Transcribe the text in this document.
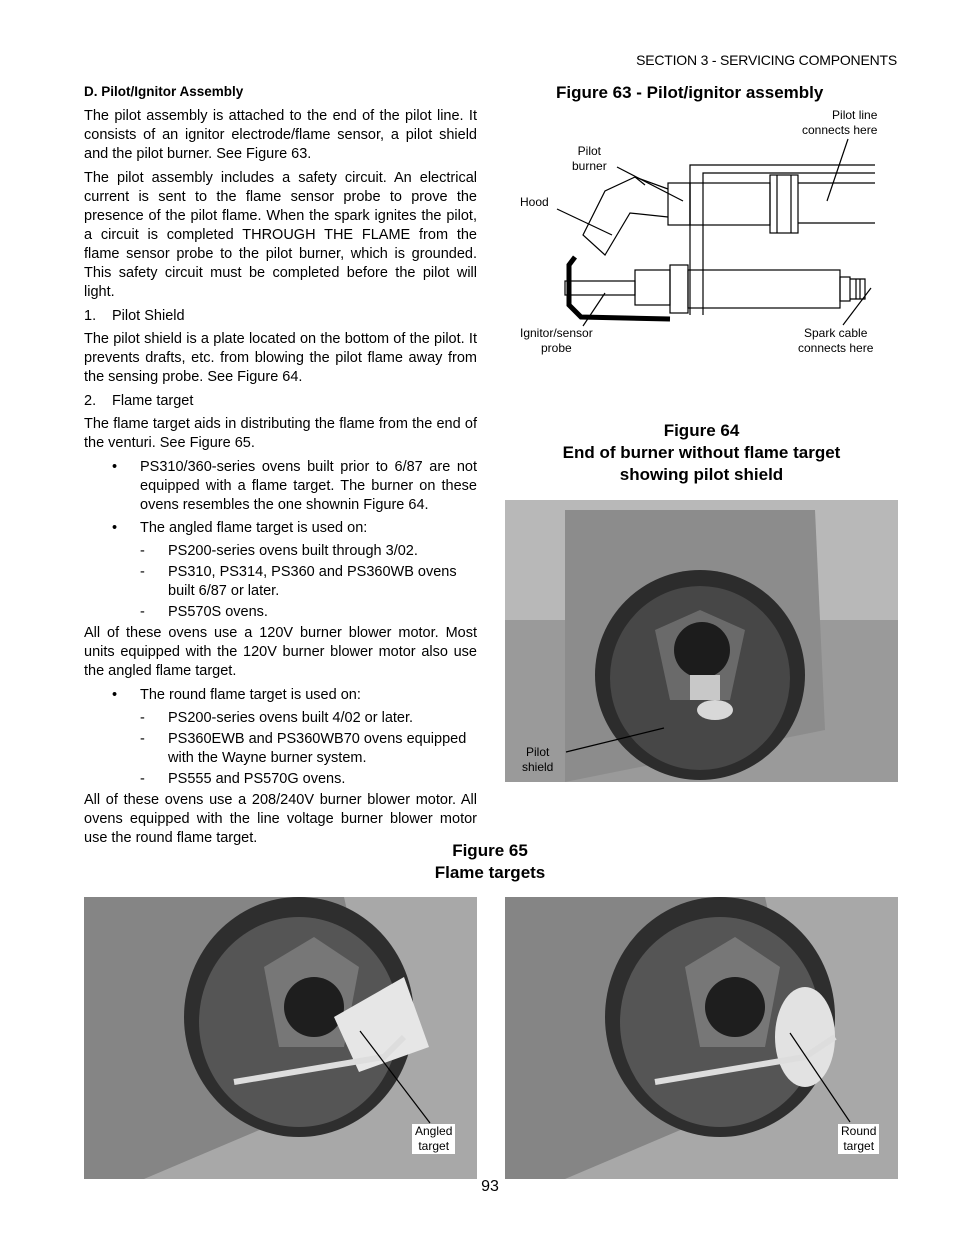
SECTION 3 - SERVICING COMPONENTS
D. Pilot/Ignitor Assembly

The pilot assembly is attached to the end of the pilot line. It consists of an ignitor electrode/flame sensor, a pilot shield and the pilot burner. See Figure 63.

The pilot assembly includes a safety circuit. An electrical current is sent to the flame sensor probe to prove the presence of the pilot flame. When the spark ignites the pilot, a circuit is completed THROUGH THE FLAME from the flame sensor probe to the pilot burner, which is grounded. This safety circuit must be completed before the pilot will light.

1.	Pilot Shield

The pilot shield is a plate located on the bottom of the pilot. It prevents drafts, etc. from blowing the pilot flame away from the sensing probe. See Figure 64.

2.	Flame target

The flame target aids in distributing the flame from the end of the venturi. See Figure 65.

•	PS310/360-series ovens built prior to 6/87 are not equipped with a flame target. The burner on these ovens resembles the one shownin Figure 64.
•	The angled flame target is used on:
-	PS200-series ovens built through 3/02.
-	PS310, PS314, PS360 and PS360WB ovens built 6/87 or later.
-	PS570S ovens.

All of these ovens use a 120V burner blower motor. Most units equipped with the 120V burner blower motor also use the angled flame target.

•	The round flame target is used on:
-	PS200-series ovens built 4/02 or later.
-	PS360EWB and PS360WB70 ovens equipped with the Wayne burner system.
-	PS555 and PS570G ovens.

All of these ovens use a 208/240V burner blower motor. All ovens equipped with the line voltage burner blower motor use the round flame target.

Figure 63 - Pilot/ignitor assembly
Pilot line
connects here
Pilot
burner
Hood
Ignitor/sensor
probe
Spark cable
connects here
Figure 64
End of burner without flame target
showing pilot shield
Pilot
shield
Figure 65
Flame targets
Angled
target
Round
target
93
